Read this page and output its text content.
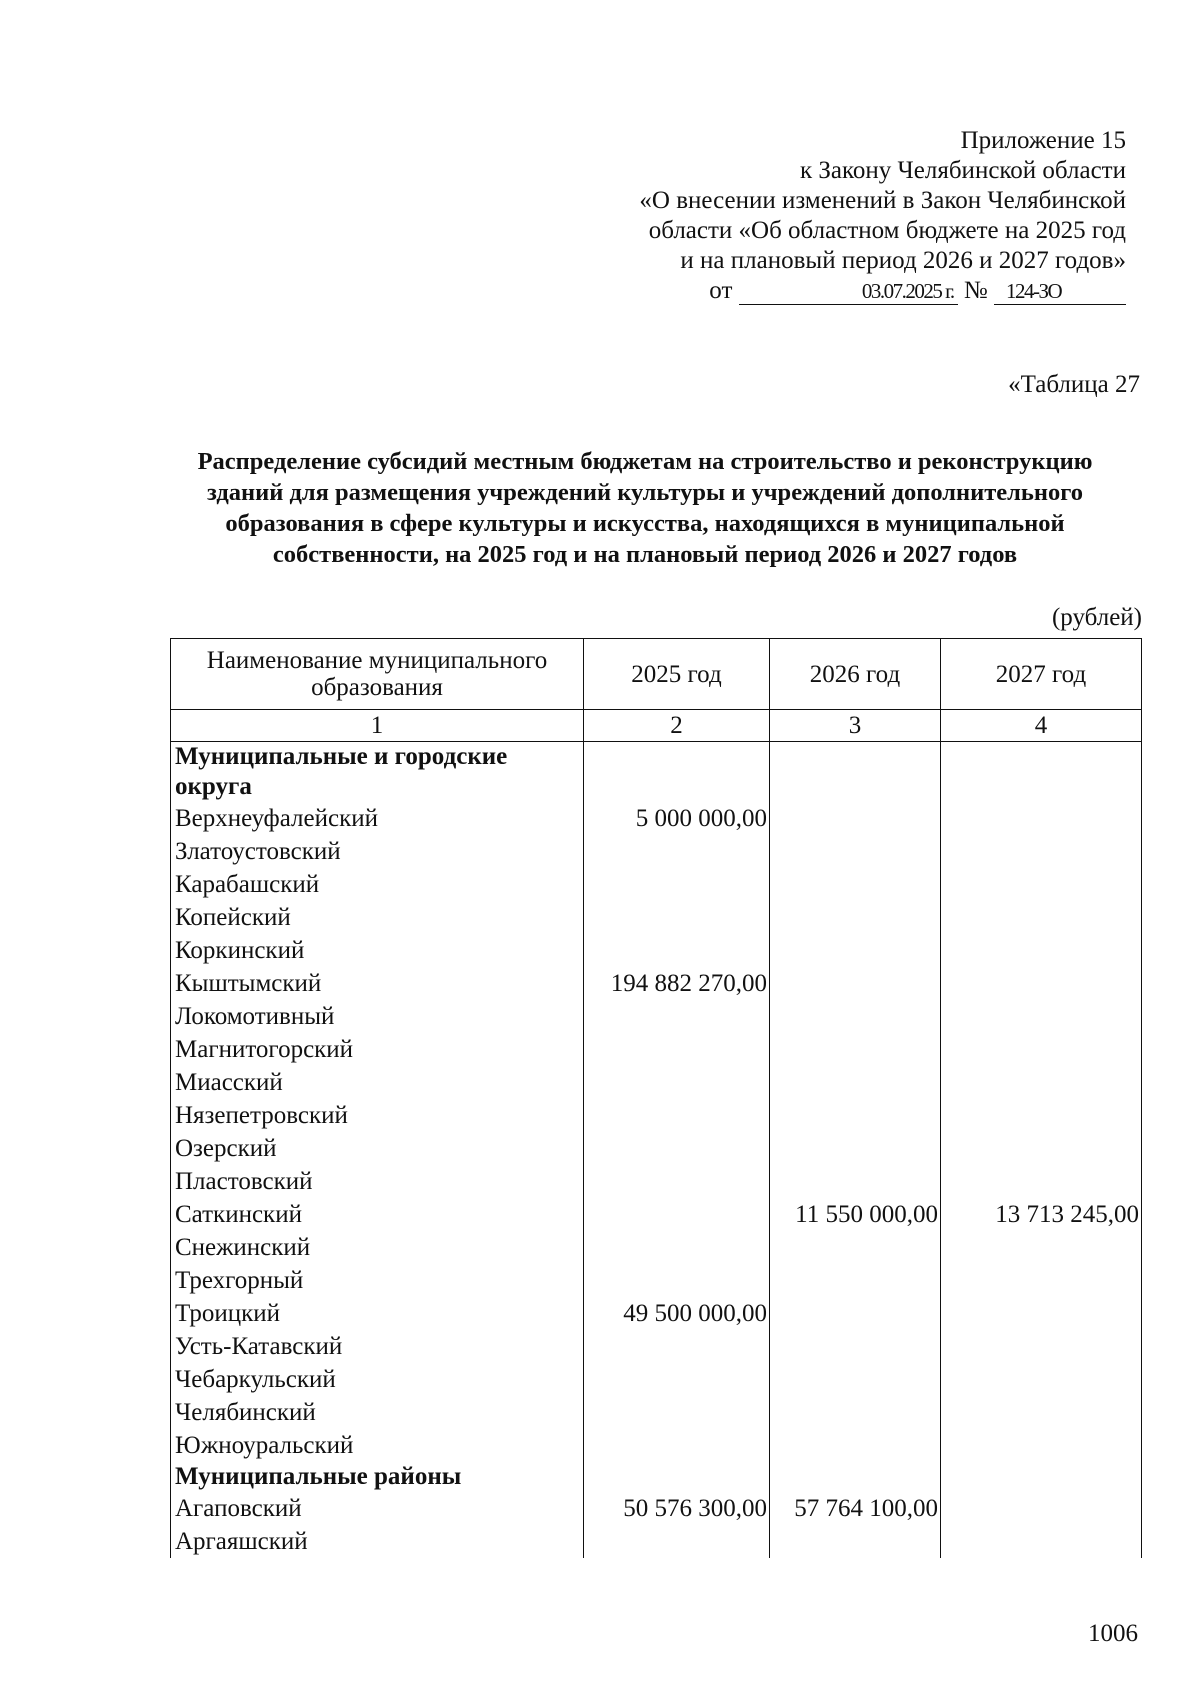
Приложение 15
к Закону Челябинской области
«О внесении изменений в Закон Челябинской
области «Об областном бюджете на 2025 год
и на плановый период 2026 и 2027 годов»
от	03.07.2025 г. № 124-ЗО
«Таблица 27
Распределение субсидий местным бюджетам на строительство и реконструкцию
зданий для размещения учреждений культуры и учреждений дополнительного
образования в сфере культуры и искусства, находящихся в муниципальной
собственности, на 2025 год и на плановый период 2026 и 2027 годов
(рублей)
Наименование муниципального образования	2025 год	2026 год	2027 год
1	2	3	4
Муниципальные и городские			
округа			
Верхнеуфалейский	5 000 000,00		
Златоустовский			
Карабашский			
Копейский			
Коркинский			
Кыштымский	194 882 270,00		
Локомотивный			
Магнитогорский			
Миасский			
Нязепетровский			
Озерский			
Пластовский			
Саткинский		11 550 000,00	13 713 245,00
Снежинский			
Трехгорный			
Троицкий	49 500 000,00		
Усть-Катавский			
Чебаркульский			
Челябинский			
Южноуральский			
Муниципальные районы			
Агаповский	50 576 300,00	57 764 100,00	
Аргаяшский			
1006
